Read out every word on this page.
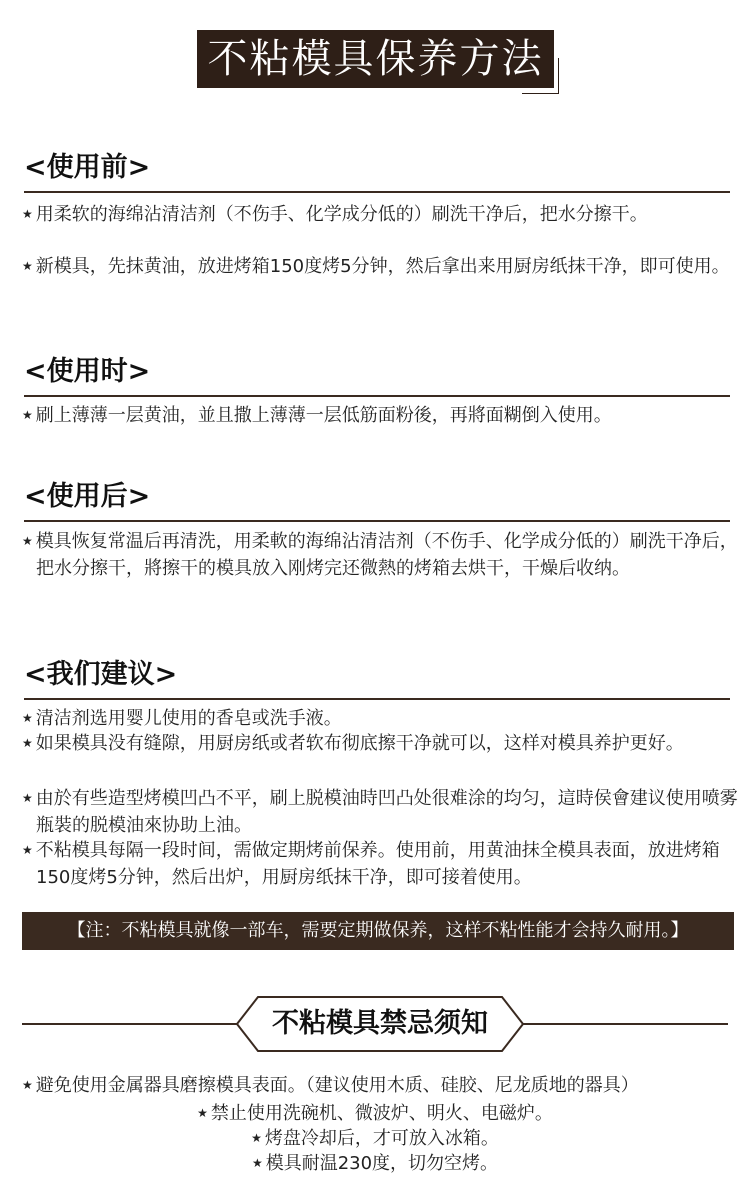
不粘模具保养方法
<使用前>
★ 用柔软的海绵沾清洁剂（不伤手、化学成分低的）刷洗干净后，把水分擦干。
★ 新模具，先抹黄油，放进烤箱150度烤5分钟，然后拿出来用厨房纸抹干净，即可使用。
<使用时>
★ 刷上薄薄一层黄油，並且撒上薄薄一层低筋面粉後，再將面糊倒入使用。
<使用后>
★ 模具恢复常温后再清洗，用柔軟的海绵沾清洁剂（不伤手、化学成分低的）刷洗干净后，把水分擦干，將擦干的模具放入刚烤完还微熱的烤箱去烘干，干燥后收纳。
<我们建议>
★ 清洁剂选用婴儿使用的香皂或洗手液。
★ 如果模具没有缝隙，用厨房纸或者软布彻底擦干净就可以，这样对模具养护更好。
★ 由於有些造型烤模凹凸不平，刷上脱模油時凹凸处很难涂的均匀，這時侯會建议使用喷雾瓶裝的脱模油來协助上油。
★ 不粘模具每隔一段时间，需做定期烤前保养。使用前，用黄油抹全模具表面，放进烤箱150度烤5分钟，然后出炉，用厨房纸抹干净，即可接着使用。
【注：不粘模具就像一部车，需要定期做保养，这样不粘性能才会持久耐用。】
不粘模具禁忌须知
★ 避免使用金属器具磨擦模具表面。（建议使用木质、硅胶、尼龙质地的器具）
★ 禁止使用洗碗机、微波炉、明火、电磁炉。
★ 烤盘冷却后，才可放入冰箱。
★ 模具耐温230度，切勿空烤。
